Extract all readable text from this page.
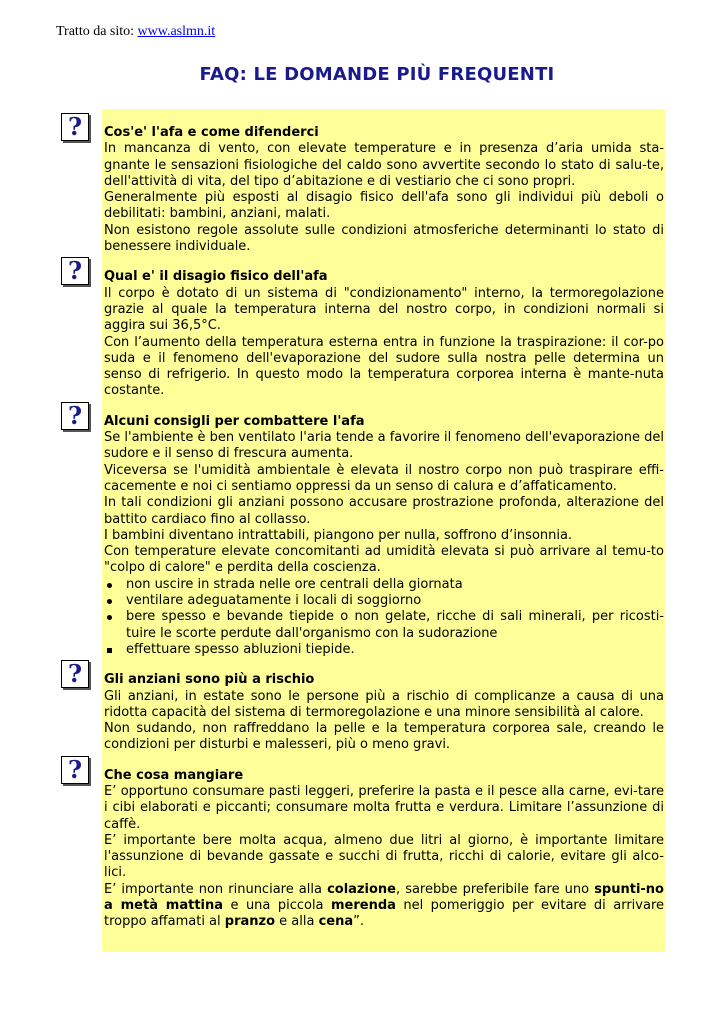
Tratto da sito: www.aslmn.it
FAQ: LE DOMANDE PIÙ FREQUENTI
? Cos'e' l'afa e come difenderci

In mancanza di vento, con elevate temperature e in presenza d’aria umida sta-gnante le sensazioni fisiologiche del caldo sono avvertite secondo lo stato di salu-te, dell'attività di vita, del tipo d’abitazione e di vestiario che ci sono propri.

Generalmente più esposti al disagio fisico dell'afa sono gli individui più deboli o debilitati: bambini, anziani, malati.

Non esistono regole assolute sulle condizioni atmosferiche determinanti lo stato di benessere individuale.

? Qual e' il disagio fisico dell'afa

Il corpo è dotato di un sistema di "condizionamento" interno, la termoregolazione grazie al quale la temperatura interna del nostro corpo, in condizioni normali si aggira sui 36,5°C.

Con l’aumento della temperatura esterna entra in funzione la traspirazione: il cor-po suda e il fenomeno dell'evaporazione del sudore sulla nostra pelle determina un senso di refrigerio. In questo modo la temperatura corporea interna è mante-nuta costante.

? Alcuni consigli per combattere l'afa

Se l'ambiente è ben ventilato l'aria tende a favorire il fenomeno dell'evaporazione del sudore e il senso di frescura aumenta.

Viceversa se l'umidità ambientale è elevata il nostro corpo non può traspirare effi-cacemente e noi ci sentiamo oppressi da un senso di calura e d’affaticamento.

In tali condizioni gli anziani possono accusare prostrazione profonda, alterazione del battito cardiaco fino al collasso.

I bambini diventano intrattabili, piangono per nulla, soffrono d’insonnia.

Con temperature elevate concomitanti ad umidità elevata si può arrivare al temu-to "colpo di calore" e perdita della coscienza.

non uscire in strada nelle ore centrali della giornata
ventilare adeguatamente i locali di soggiorno
bere spesso e bevande tiepide o non gelate, ricche di sali minerali, per ricosti-tuire le scorte perdute dall'organismo con la sudorazione
effettuare spesso abluzioni tiepide.
? Gli anziani sono più a rischio

Gli anziani, in estate sono le persone più a rischio di complicanze a causa di una ridotta capacità del sistema di termoregolazione e una minore sensibilità al calore.

Non sudando, non raffreddano la pelle e la temperatura corporea sale, creando le condizioni per disturbi e malesseri, più o meno gravi.

? Che cosa mangiare

E’ opportuno consumare pasti leggeri, preferire la pasta e il pesce alla carne, evi-tare i cibi elaborati e piccanti; consumare molta frutta e verdura. Limitare l’assunzione di caffè.

E’ importante bere molta acqua, almeno due litri al giorno, è importante limitare l'assunzione di bevande gassate e succhi di frutta, ricchi di calorie, evitare gli alco-lici.

E’ importante non rinunciare alla colazione, sarebbe preferibile fare uno spunti-no a metà mattina e una piccola merenda nel pomeriggio per evitare di arrivare troppo affamati al pranzo e alla cena”.
